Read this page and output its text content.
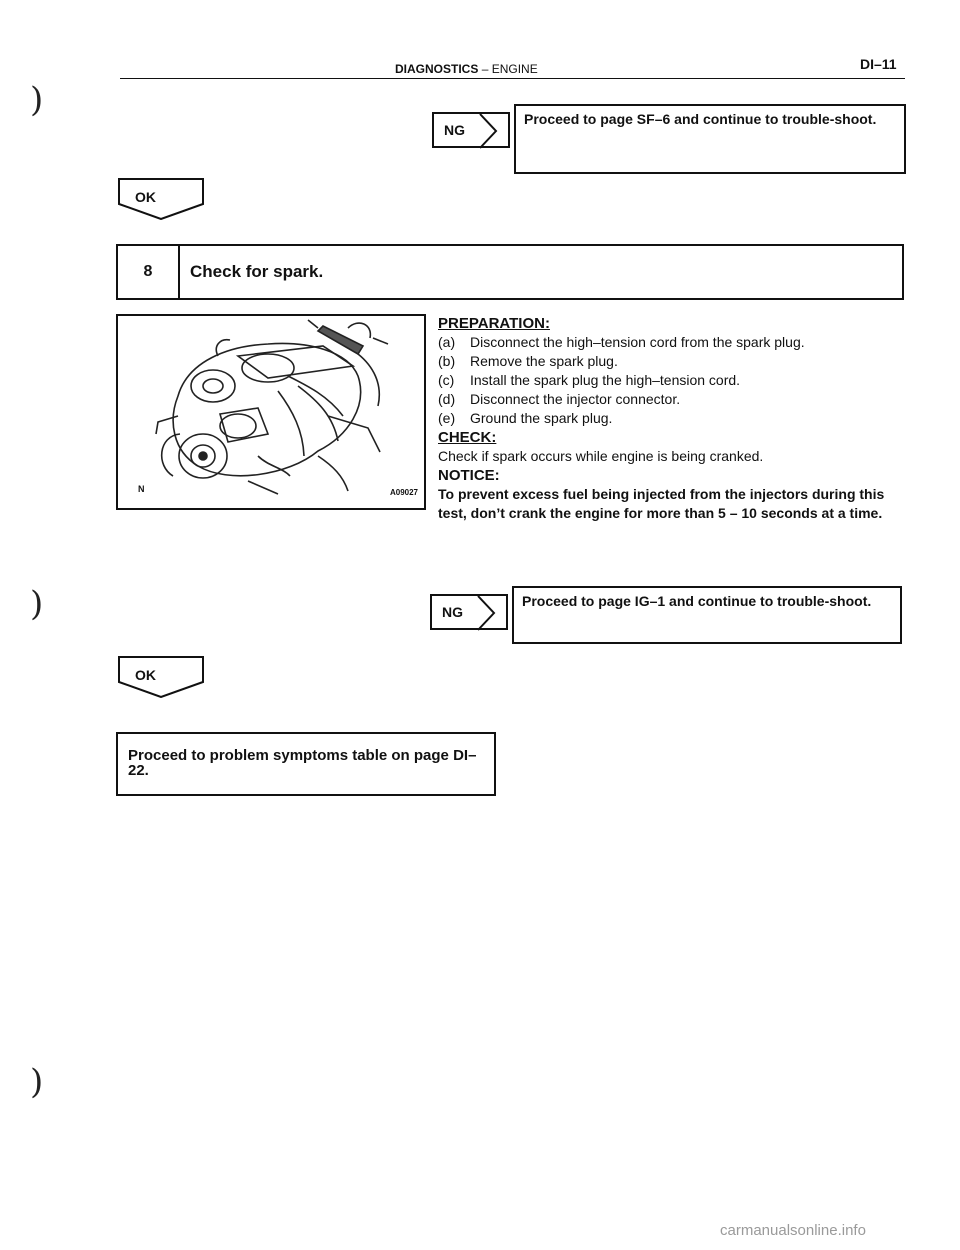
DIAGNOSTICS – ENGINE	DI–11
)
)
)
NG
Proceed to page SF–6 and continue to trouble-shoot.
OK
8	Check for spark.
N	A09027
PREPARATION:
(a)	Disconnect the high–tension cord from the spark plug.
(b)	Remove the spark plug.
(c)	Install the spark plug the high–tension cord.
(d)	Disconnect the injector connector.
(e)	Ground the spark plug.
CHECK:
Check if spark occurs while engine is being cranked.
NOTICE:
To prevent excess fuel being injected from the injectors during this test, don’t crank the engine for more than 5 – 10 seconds at a time.
NG
Proceed to page IG–1 and continue to trouble-shoot.
OK
Proceed to problem symptoms table on page DI–22.
carmanualsonline.info
